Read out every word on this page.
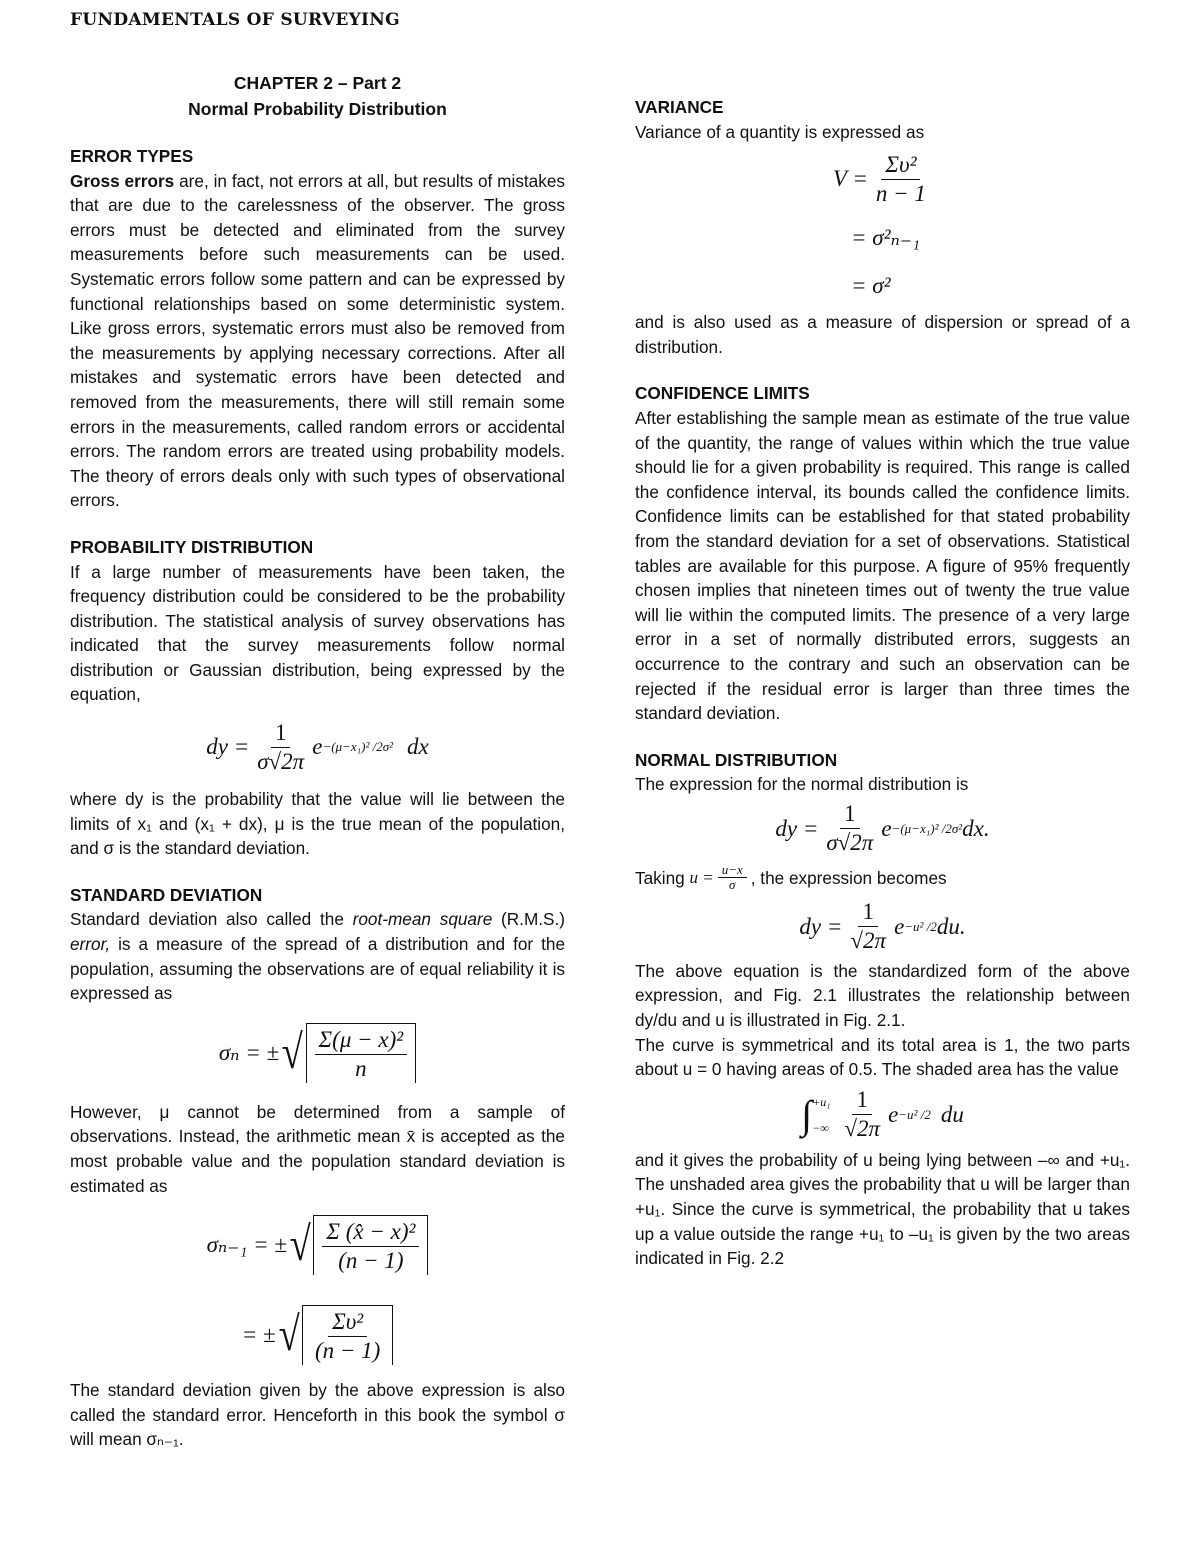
FUNDAMENTALS OF SURVEYING
CHAPTER 2 – Part 2
Normal Probability Distribution
ERROR TYPES

Gross errors are, in fact, not errors at all, but results of mistakes that are due to the carelessness of the observer. The gross errors must be detected and eliminated from the survey measurements before such measurements can be used. Systematic errors follow some pattern and can be expressed by functional relationships based on some deterministic system. Like gross errors, systematic errors must also be removed from the measurements by applying necessary corrections. After all mistakes and systematic errors have been detected and removed from the measurements, there will still remain some errors in the measurements, called random errors or accidental errors. The random errors are treated using probability models. The theory of errors deals only with such types of observational errors.

PROBABILITY DISTRIBUTION

If a large number of measurements have been taken, the frequency distribution could be considered to be the probability distribution. The statistical analysis of survey observations has indicated that the survey measurements follow normal distribution or Gaussian distribution, being expressed by the equation,

dy = $\frac{1}{\sigma√2\pi}$ e −(μ−x₁)² /2σ² dx

where dy is the probability that the value will lie between the limits of x₁ and (x₁ + dx), μ is the true mean of the population, and σ is the standard deviation.

STANDARD DEVIATION

Standard deviation also called the root-mean square (R.M.S.) error, is a measure of the spread of a distribution and for the population, assuming the observations are of equal reliability it is expressed as

σₙ = ± √ $\frac{\text{Σ(μ − x)²}}{n}$

However, μ cannot be determined from a sample of observations. Instead, the arithmetic mean x̄ is accepted as the most probable value and the population standard deviation is estimated as

σₙ₋₁ = ± √ $\frac{\text{Σ (x̂ − x)²}}{(n - 1)}$
= ± √ $\frac{\text{Συ²}}{(n - 1)}$

The standard deviation given by the above expression is also called the standard error. Henceforth in this book the symbol σ will mean σₙ₋₁.

VARIANCE

Variance of a quantity is expressed as

$V = \frac{\text{Συ²}}{n - 1}$
= σ²ₙ₋₁
= σ²

and is also used as a measure of dispersion or spread of a distribution.

CONFIDENCE LIMITS

After establishing the sample mean as estimate of the true value of the quantity, the range of values within which the true value should lie for a given probability is required. This range is called the confidence interval, its bounds called the confidence limits. Confidence limits can be established for that stated probability from the standard deviation for a set of observations. Statistical tables are available for this purpose. A figure of 95% frequently chosen implies that nineteen times out of twenty the true value will lie within the computed limits. The presence of a very large error in a set of normally distributed errors, suggests an occurrence to the contrary and such an observation can be rejected if the residual error is larger than three times the standard deviation.

NORMAL DISTRIBUTION

The expression for the normal distribution is

dy = $\frac{1}{\sigma√2\pi}$ e −(μ−x₁)² /2σ² dx.

Taking $u = \frac{u-x}{\sigma}$ , the expression becomes

dy = $\frac{1}{√2\pi}$ e −u² /2 du.

The above equation is the standardized form of the above expression, and Fig. 2.1 illustrates the relationship between dy/du and u is illustrated in Fig. 2.1.

The curve is symmetrical and its total area is 1, the two parts about u = 0 having areas of 0.5. The shaded area has the value

∫ +u₁
−∞ $\frac{1}{√2\pi}$ e −u² /2 du

and it gives the probability of u being lying between –∞ and +u₁. The unshaded area gives the probability that u will be larger than +u₁. Since the curve is symmetrical, the probability that u takes up a value outside the range +u₁ to –u₁ is given by the two areas indicated in Fig. 2.2
